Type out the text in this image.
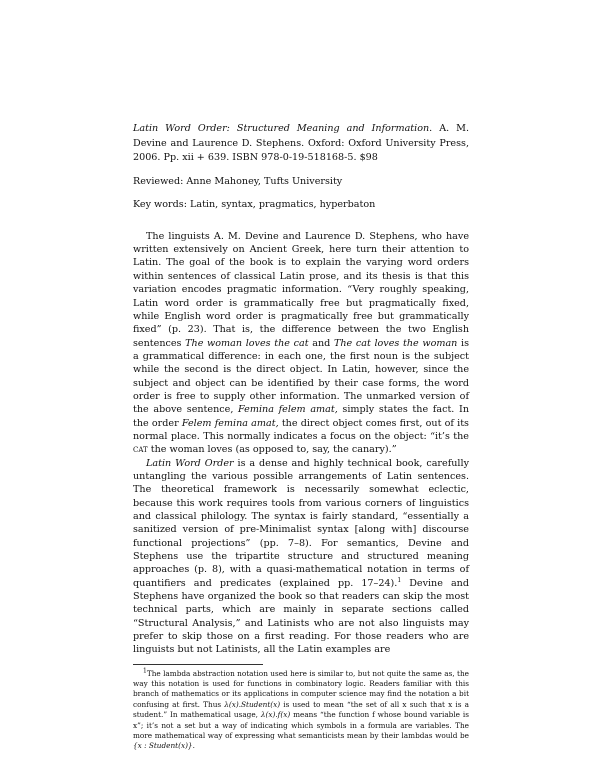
Latin Word Order: Structured Meaning and Information. A. M. Devine and Laurence D. Stephens. Oxford: Oxford University Press, 2006. Pp. xii + 639. ISBN 978-0-19-518168-5. $98

Reviewed: Anne Mahoney, Tufts University

Key words: Latin, syntax, pragmatics, hyperbaton

The linguists A. M. Devine and Laurence D. Stephens, who have written extensively on Ancient Greek, here turn their attention to Latin. The goal of the book is to explain the varying word orders within sentences of classical Latin prose, and its thesis is that this variation encodes pragmatic information. “Very roughly speaking, Latin word order is grammatically free but pragmatically fixed, while English word order is pragmatically free but grammatically fixed” (p. 23). That is, the difference between the two English sentences The woman loves the cat and The cat loves the woman is a grammatical difference: in each one, the first noun is the subject while the second is the direct object. In Latin, however, since the subject and object can be identified by their case forms, the word order is free to supply other information. The unmarked version of the above sentence, Femina felem amat, simply states the fact. In the order Felem femina amat, the direct object comes first, out of its normal place. This normally indicates a focus on the object: “it’s the cat the woman loves (as opposed to, say, the canary).”

Latin Word Order is a dense and highly technical book, carefully untangling the various possible arrangements of Latin sentences. The theoretical framework is necessarily somewhat eclectic, because this work requires tools from various corners of linguistics and classical philology. The syntax is fairly standard, “essentially a sanitized version of pre-Minimalist syntax [along with] discourse functional projections” (pp. 7–8). For semantics, Devine and Stephens use the tripartite structure and structured meaning approaches (p. 8), with a quasi-mathematical notation in terms of quantifiers and predicates (explained pp. 17–24).$^1$ Devine and Stephens have organized the book so that readers can skip the most technical parts, which are mainly in separate sections called “Structural Analysis,” and Latinists who are not also linguists may prefer to skip those on a first reading. For those readers who are linguists but not Latinists, all the Latin examples are

$^1$The lambda abstraction notation used here is similar to, but not quite the same as, the way this notation is used for functions in combinatory logic. Readers familiar with this branch of mathematics or its applications in computer science may find the notation a bit confusing at first. Thus λ(x).Student(x) is used to mean “the set of all x such that x is a student.” In mathematical usage, λ(x).f(x) means “the function f whose bound variable is x”; it’s not a set but a way of indicating which symbols in a formula are variables. The more mathematical way of expressing what semanticists mean by their lambdas would be {x : Student(x)}.
